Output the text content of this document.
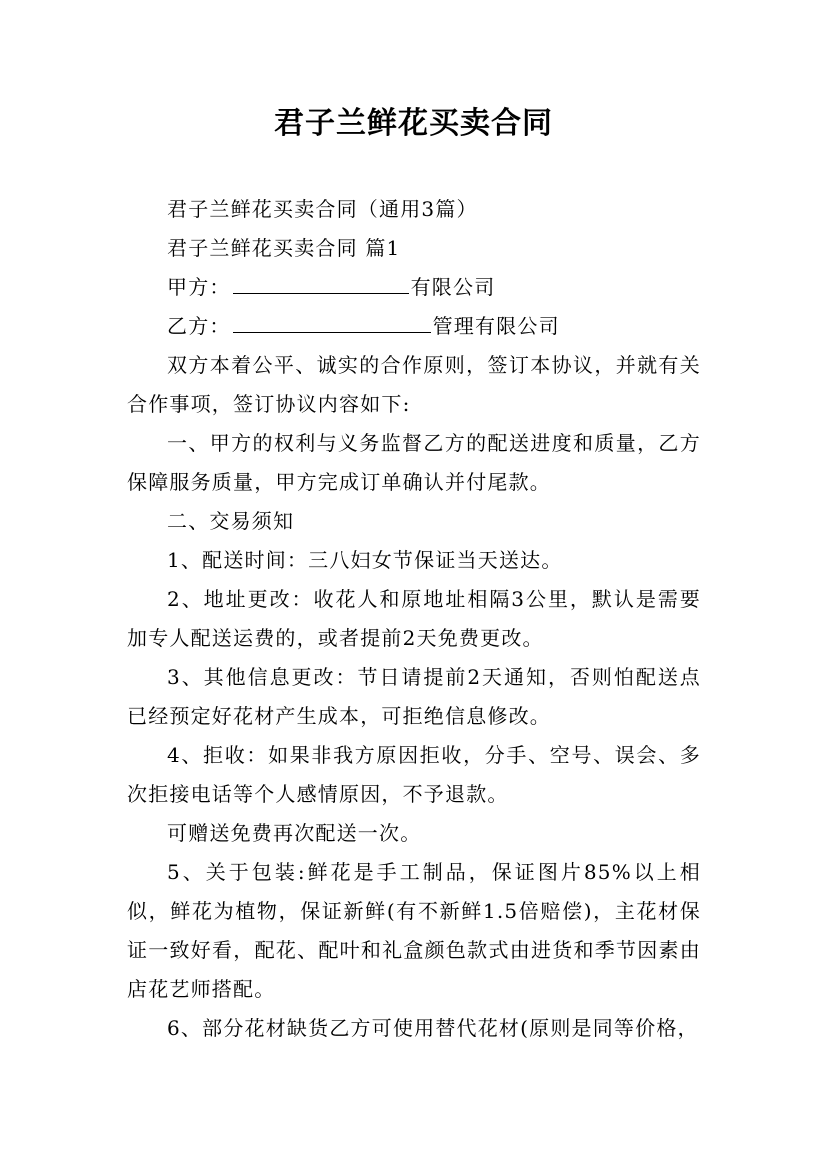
君子兰鲜花买卖合同

君子兰鲜花买卖合同（通用3篇）

君子兰鲜花买卖合同 篇1

甲方：	有限公司

乙方：	管理有限公司

双方本着公平、诚实的合作原则，签订本协议，并就有关合作事项，签订协议内容如下:

一、甲方的权利与义务监督乙方的配送进度和质量，乙方保障服务质量，甲方完成订单确认并付尾款。

二、交易须知

1、配送时间：三八妇女节保证当天送达。

2、地址更改：收花人和原地址相隔3公里，默认是需要加专人配送运费的，或者提前2天免费更改。

3、其他信息更改：节日请提前2天通知，否则怕配送点已经预定好花材产生成本，可拒绝信息修改。

4、拒收：如果非我方原因拒收，分手、空号、误会、多次拒接电话等个人感情原因，不予退款。

可赠送免费再次配送一次。

5、关于包装:鲜花是手工制品，保证图片85%以上相似，鲜花为植物，保证新鲜(有不新鲜1.5倍赔偿)，主花材保证一致好看，配花、配叶和礼盒颜色款式由进货和季节因素由店花艺师搭配。

6、部分花材缺货乙方可使用替代花材(原则是同等价格，
